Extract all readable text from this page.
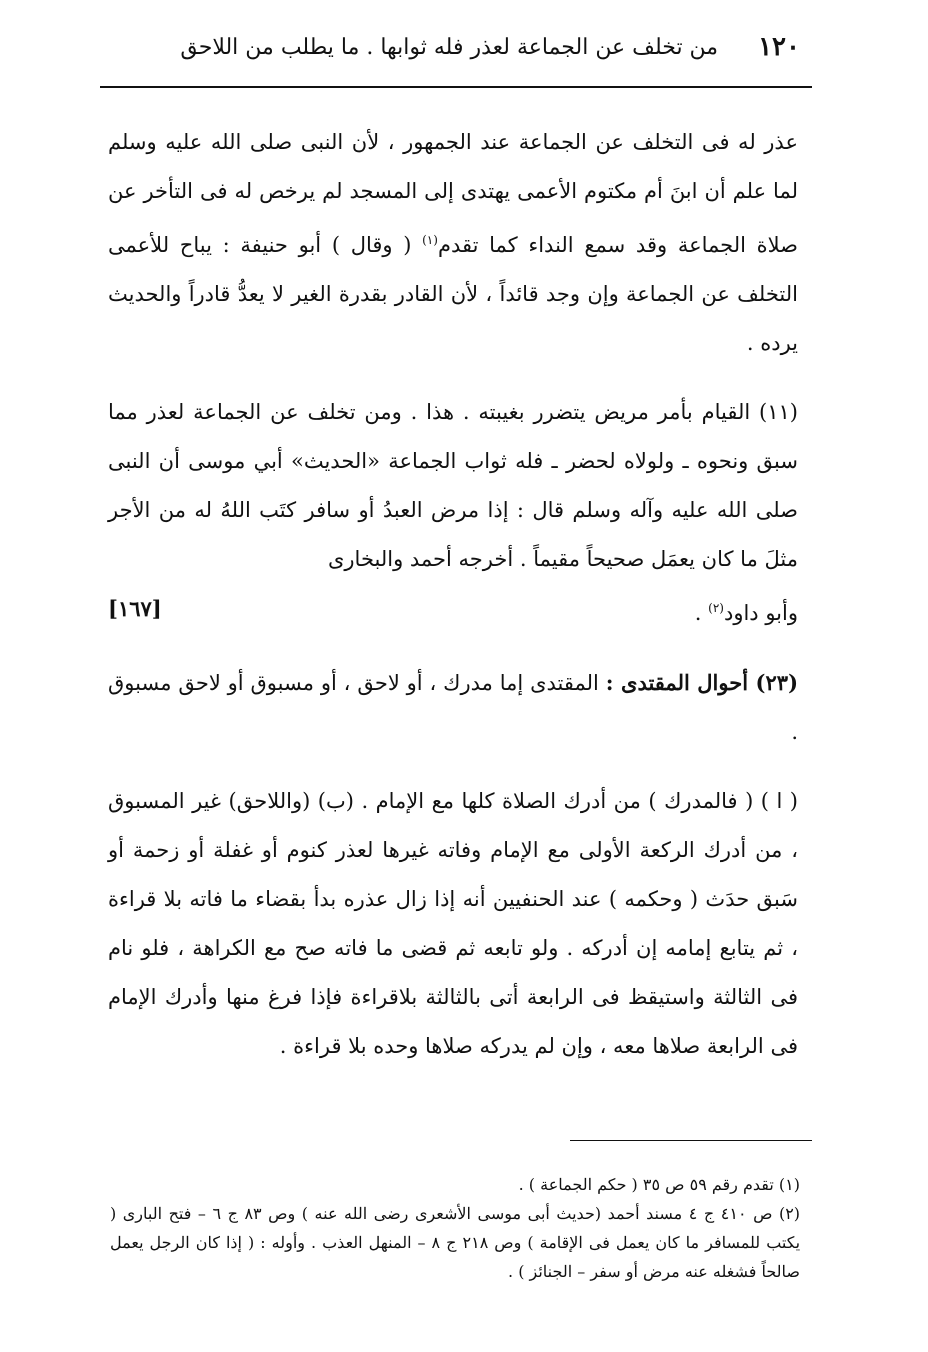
١٢٠
من تخلف عن الجماعة لعذر فله ثوابها . ما يطلب من اللاحق

عذر له فى التخلف عن الجماعة عند الجمهور ، لأن النبى صلى الله عليه وسلم لما علم أن ابنَ أم مكتوم الأعمى يهتدى إلى المسجد لم يرخص له فى التأخر عن صلاة الجماعة وقد سمع النداء كما تقدم$^{(١)}$ ( وقال ) أبو حنيفة : يباح للأعمى التخلف عن الجماعة وإن وجد قائداً ، لأن القادر بقدرة الغير لا يعدُّ قادراً والحديث يرده .

(١١) القيام بأمر مريض يتضرر بغيبته . هذا . ومن تخلف عن الجماعة لعذر مما سبق ونحوه ـ ولولاه لحضر ـ فله ثواب الجماعة «الحديث» أبي موسى أن النبى صلى الله عليه وآله وسلم قال : إذا مرض العبدُ أو سافر كتَب اللهُ له من الأجر مثلَ ما كان يعمَل صحيحاً مقيماً . أخرجه أحمد والبخارى

وأبو داود$^{(٢)}$ .
[١٦٧]

(٢٣) أحوال المقتدى : المقتدى إما مدرك ، أو لاحق ، أو مسبوق أو لاحق مسبوق .

( ا ) ( فالمدرك ) من أدرك الصلاة كلها مع الإمام . (ب) (واللاحق) غير المسبوق ، من أدرك الركعة الأولى مع الإمام وفاته غيرها لعذر كنوم أو غفلة أو زحمة أو سَبق حدَث ( وحكمه ) عند الحنفيين أنه إذا زال عذره بدأ بقضاء ما فاته بلا قراءة ، ثم يتابع إمامه إن أدركه . ولو تابعه ثم قضى ما فاته صح مع الكراهة ، فلو نام فى الثالثة واستيقظ فى الرابعة أتى بالثالثة بلاقراءة فإذا فرغ منها وأدرك الإمام فى الرابعة صلاها معه ، وإن لم يدركه صلاها وحده بلا قراءة .

(١) تقدم رقم ٥٩ ص ٣٥ ( حكم الجماعة ) .

(٢) ص ٤١٠ ج ٤ مسند أحمد (حديث أبى موسى الأشعرى رضى الله عنه ) وص ٨٣ ج ٦ – فتح البارى ( يكتب للمسافر ما كان يعمل فى الإقامة ) وص ٢١٨ ج ٨ – المنهل العذب . وأوله : ( إذا كان الرجل يعمل صالحاً فشغله عنه مرض أو سفر – الجنائز ) .
